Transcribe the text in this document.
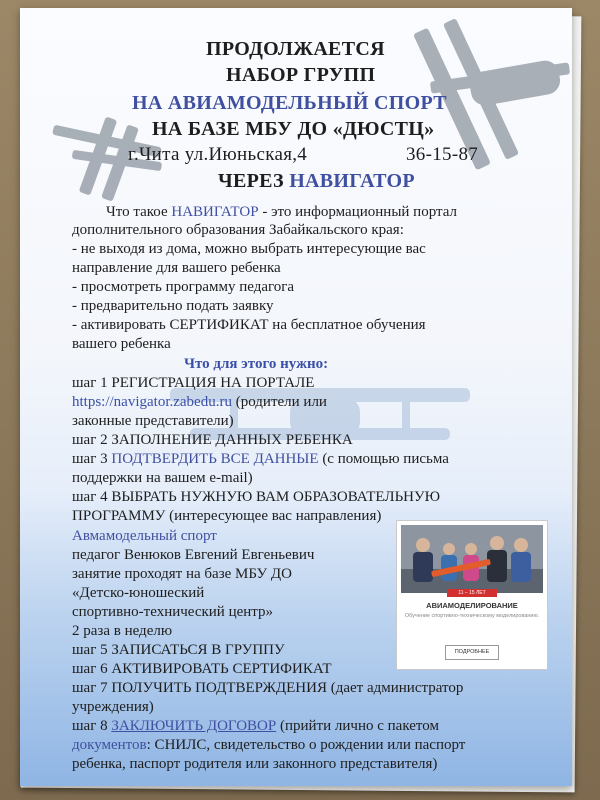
ПРОДОЛЖАЕТСЯ
НАБОР ГРУПП
НА АВИАМОДЕЛЬНЫЙ СПОРТ
НА БАЗЕ МБУ ДО «ДЮСТЦ»
г.Чита ул.Июньская,4	36-15-87
ЧЕРЕЗ НАВИГАТОР
Что такое НАВИГАТОР - это информационный портал
дополнительного образования Забайкальского края:
- не выходя из дома, можно выбрать интересующие вас
направление для вашего ребенка
- просмотреть программу педагога
- предварительно подать заявку
- активировать СЕРТИФИКАТ на бесплатное обучения
вашего ребенка
Что для этого нужно:
шаг 1 РЕГИСТРАЦИЯ НА ПОРТАЛЕ
https://navigator.zabedu.ru (родители или
законные представители)
шаг 2 ЗАПОЛНЕНИЕ ДАННЫХ РЕБЕНКА
шаг 3 ПОДТВЕРДИТЬ ВСЕ ДАННЫЕ (с помощью письма
поддержки на вашем e-mail)
шаг 4 ВЫБРАТЬ НУЖНУЮ ВАМ ОБРАЗОВАТЕЛЬНУЮ
ПРОГРАММУ (интересующее вас направления)
Авмамодельный спорт
педагог Венюков Евгений Евгеньевич
занятие проходят на базе МБУ ДО
«Детско-юношеский
спортивно-технический центр»
2 раза в неделю
шаг 5 ЗАПИСАТЬСЯ В ГРУППУ
шаг 6 АКТИВИРОВАТЬ СЕРТИФИКАТ
шаг 7 ПОЛУЧИТЬ ПОДТВЕРЖДЕНИЯ (дает администратор
учреждения)
шаг 8 ЗАКЛЮЧИТЬ ДОГОВОР (прийти лично с пакетом
документов: СНИЛС, свидетельство о рождении или паспорт
ребенка, паспорт родителя или законного представителя)
11 – 15 ЛЕТ
АВИАМОДЕЛИРОВАНИЕ
Обучение спортивно-техническому моделированию.
ПОДРОБНЕЕ
